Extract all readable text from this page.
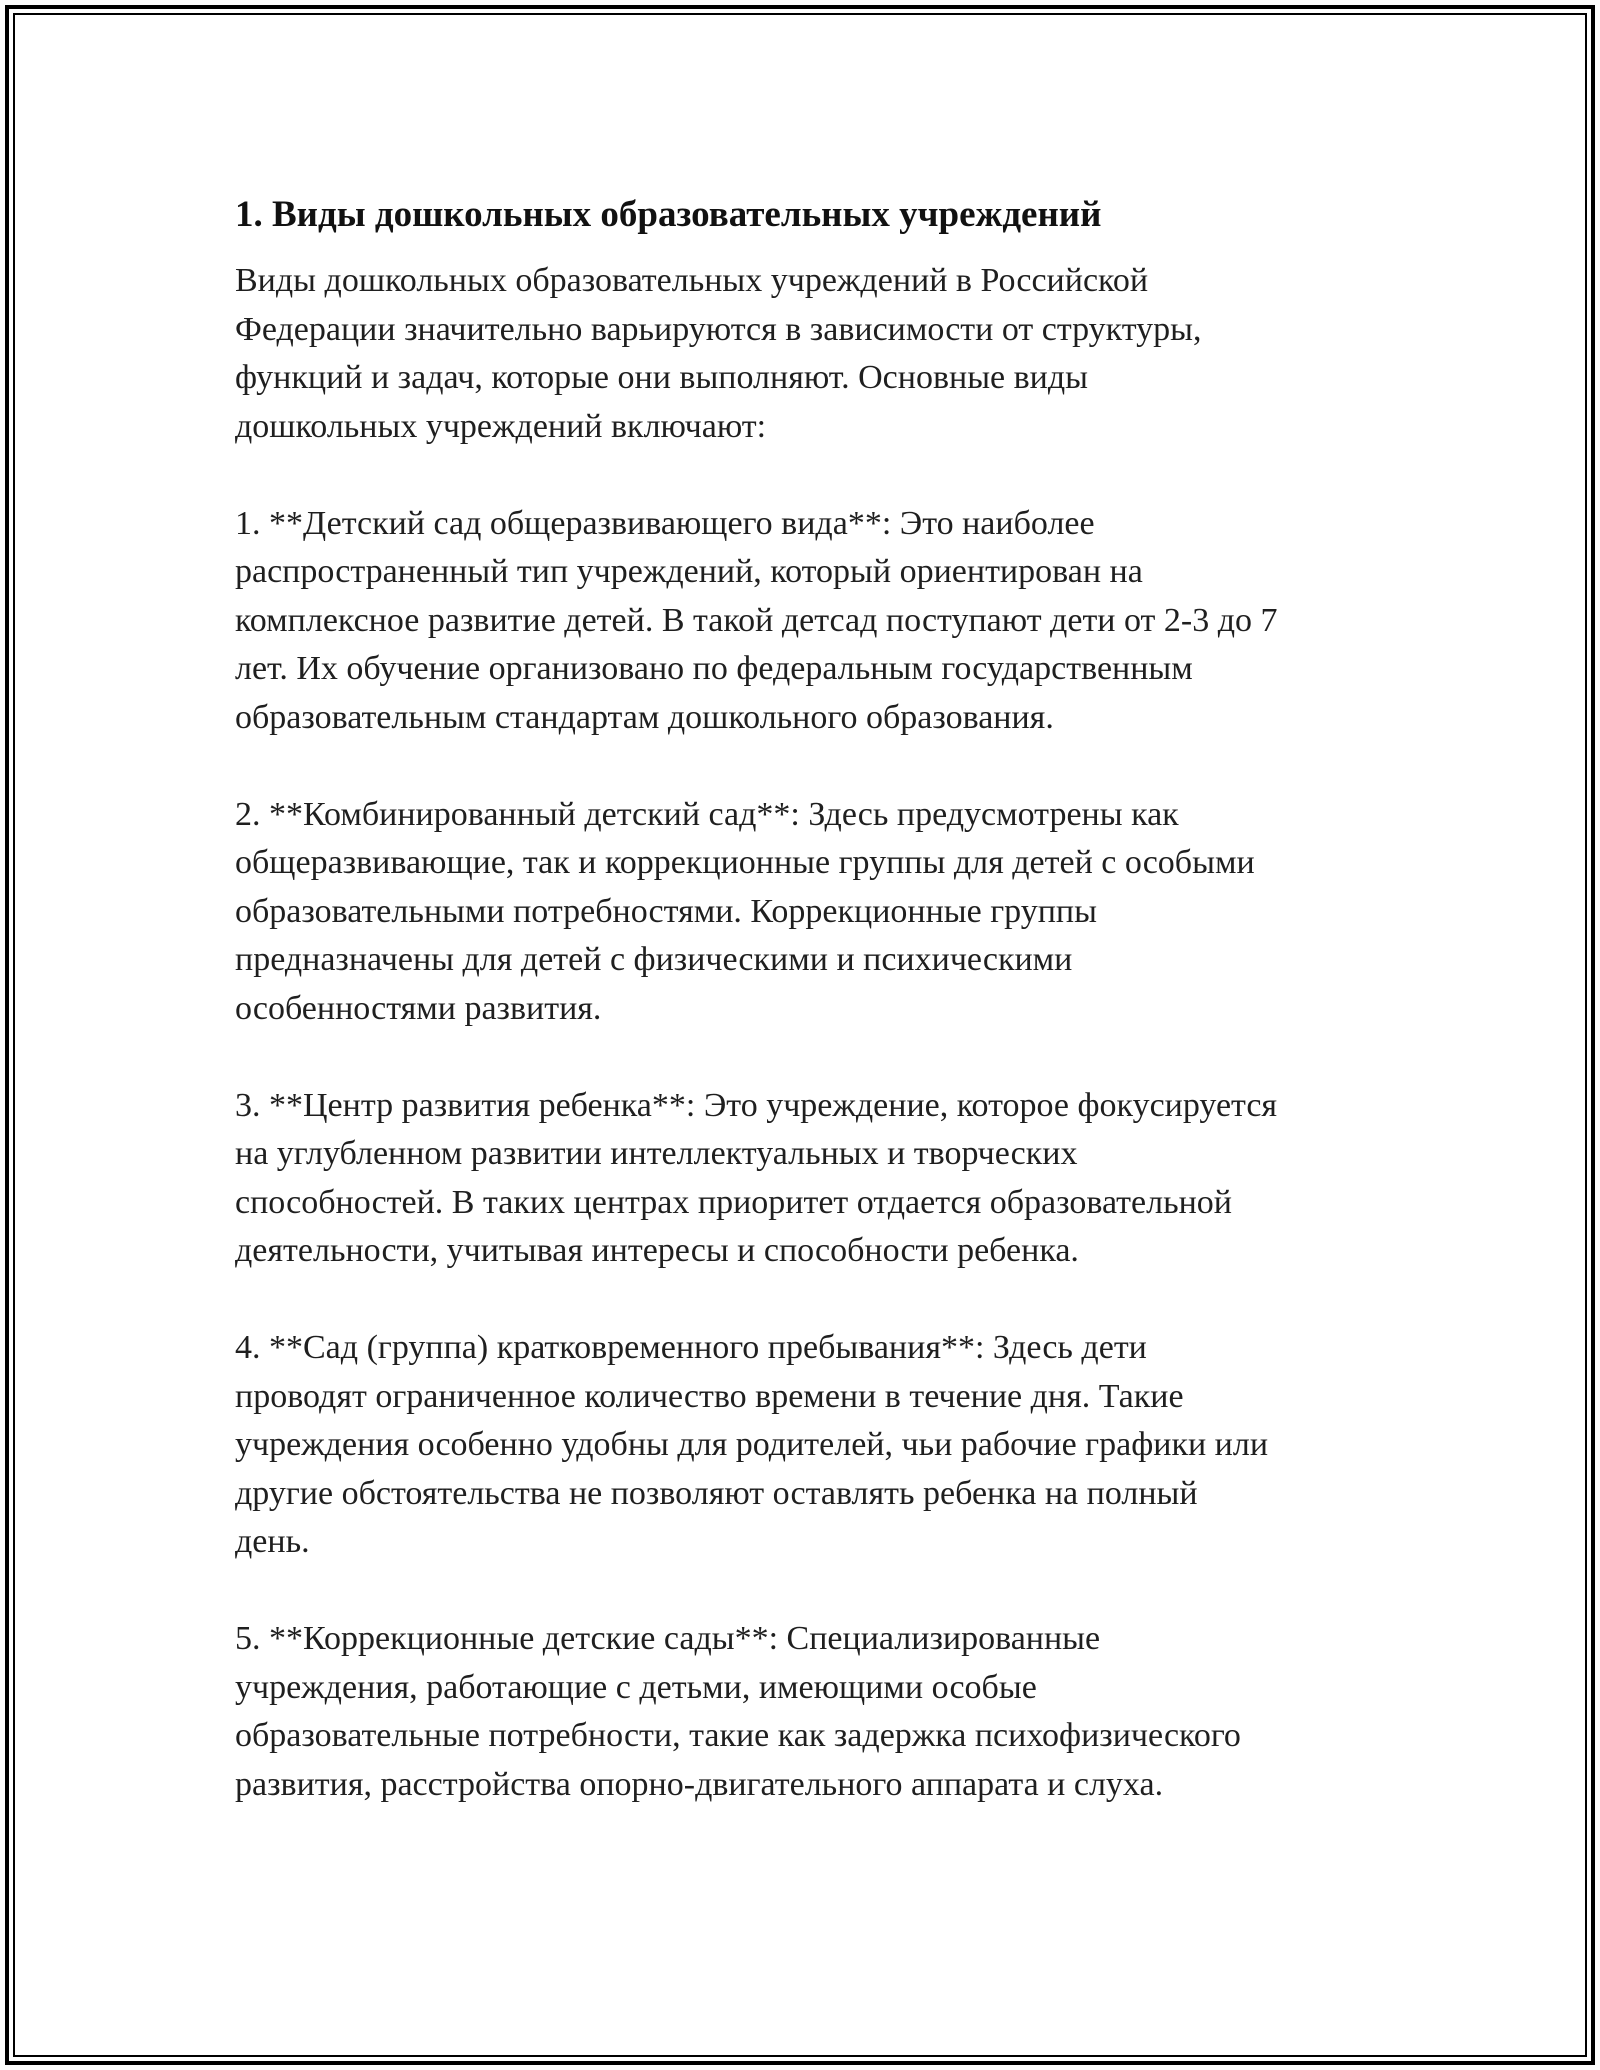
1. Виды дошкольных образовательных учреждений

Виды дошкольных образовательных учреждений в Российской
Федерации значительно варьируются в зависимости от структуры,
функций и задач, которые они выполняют. Основные виды
дошкольных учреждений включают:

1. **Детский сад общеразвивающего вида**: Это наиболее
распространенный тип учреждений, который ориентирован на
комплексное развитие детей. В такой детсад поступают дети от 2-3 до 7
лет. Их обучение организовано по федеральным государственным
образовательным стандартам дошкольного образования.

2. **Комбинированный детский сад**: Здесь предусмотрены как
общеразвивающие, так и коррекционные группы для детей с особыми
образовательными потребностями. Коррекционные группы
предназначены для детей с физическими и психическими
особенностями развития.

3. **Центр развития ребенка**: Это учреждение, которое фокусируется
на углубленном развитии интеллектуальных и творческих
способностей. В таких центрах приоритет отдается образовательной
деятельности, учитывая интересы и способности ребенка.

4. **Сад (группа) кратковременного пребывания**: Здесь дети
проводят ограниченное количество времени в течение дня. Такие
учреждения особенно удобны для родителей, чьи рабочие графики или
другие обстоятельства не позволяют оставлять ребенка на полный
день.

5. **Коррекционные детские сады**: Специализированные
учреждения, работающие с детьми, имеющими особые
образовательные потребности, такие как задержка психофизического
развития, расстройства опорно-двигательного аппарата и слуха.
